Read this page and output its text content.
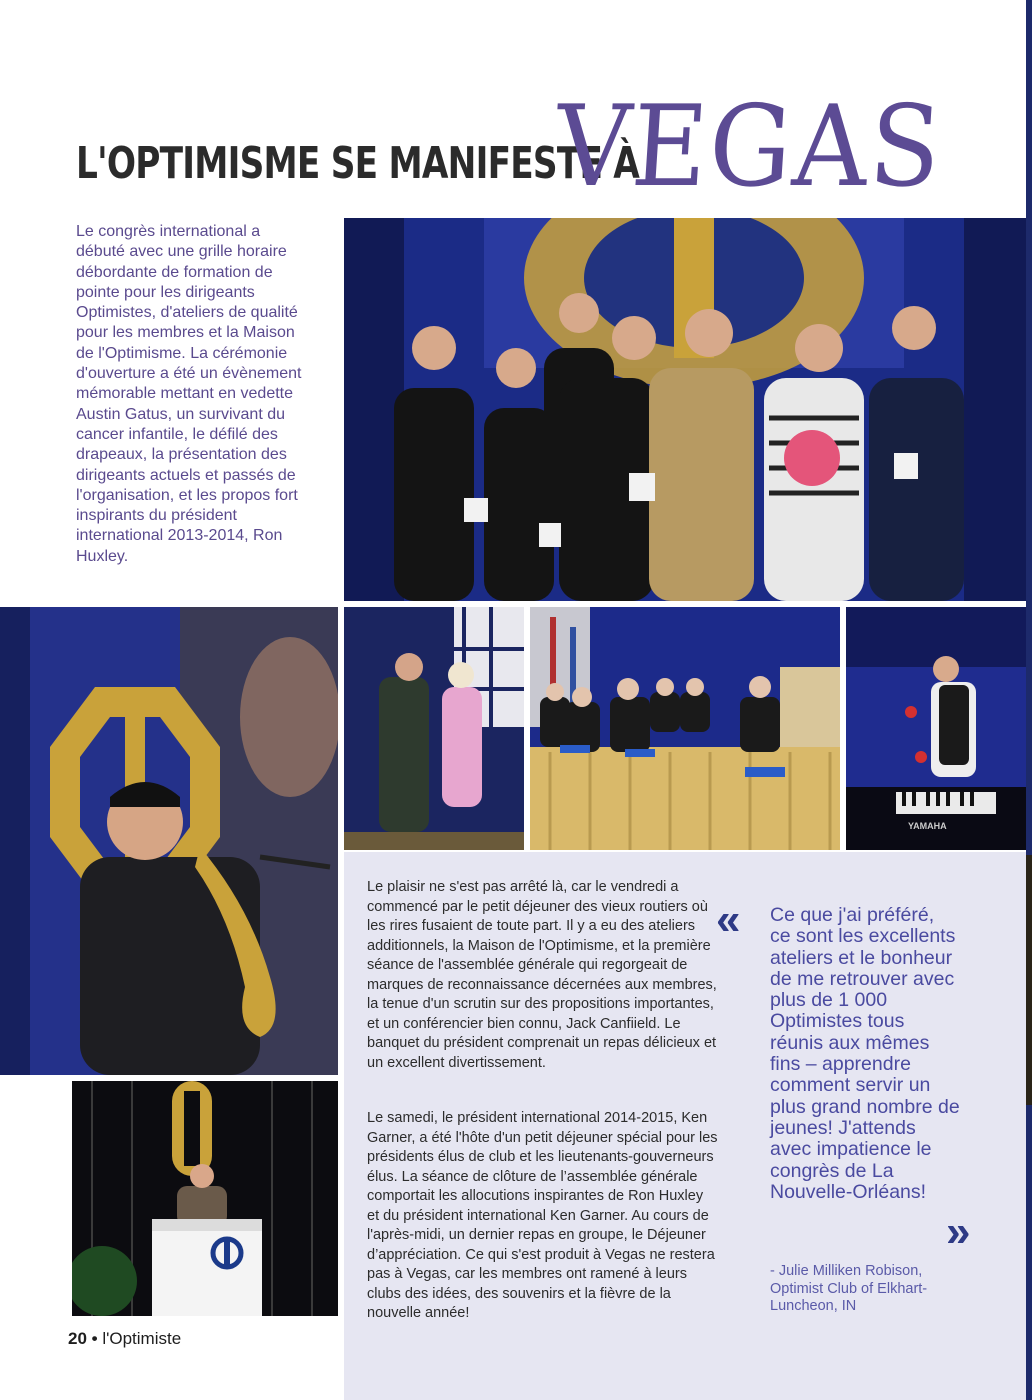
L'OPTIMISME SE MANIFESTE À
VEGAS

Le congrès international a débuté avec une grille horaire débordante de formation de pointe pour les dirigeants Optimistes, d'ateliers de qualité pour les membres et la Maison de l'Optimisme. La cérémonie d'ouverture a été un évènement mémorable mettant en vedette Austin Gatus, un survivant du cancer infantile, le défilé des drapeaux, la présentation des dirigeants actuels et passés de l'organisation, et les propos fort inspirants du président international 2013-2014, Ron Huxley.

YAMAHA

Le plaisir ne s'est pas arrêté là, car le vendredi a commencé par le petit déjeuner des vieux routiers où les rires fusaient de toute part. Il y a eu des ateliers additionnels, la Maison de l'Optimisme, et la première séance de l'assemblée générale qui regorgeait de marques de reconnaissance décernées aux membres, la tenue d'un scrutin sur des propositions importantes, et un conférencier bien connu, Jack Canfiield. Le banquet du président comprenait un repas délicieux et un excellent divertissement.

Le samedi, le président international 2014-2015, Ken Garner, a été l'hôte d'un petit déjeuner spécial pour les présidents élus de club et les lieutenants-gouverneurs élus. La séance de clôture de l’assemblée générale comportait les allocutions inspirantes de Ron Huxley et du président international Ken Garner. Au cours de l'après-midi, un dernier repas en groupe, le Déjeuner d’appréciation. Ce qui s'est produit à Vegas ne restera pas à Vegas, car les membres ont ramené à leurs clubs des idées, des souvenirs et la fièvre de la nouvelle année!

« Ce que j'ai préféré, ce sont les excellents ateliers et le bonheur de me retrouver avec plus de 1 000 Optimistes tous réunis aux mêmes fins – apprendre comment servir un plus grand nombre de jeunes! J'attends avec impatience le congrès de La Nouvelle-Orléans!

»

- Julie Milliken Robison, Optimist Club of Elkhart-Luncheon, IN

20 • l'Optimiste
